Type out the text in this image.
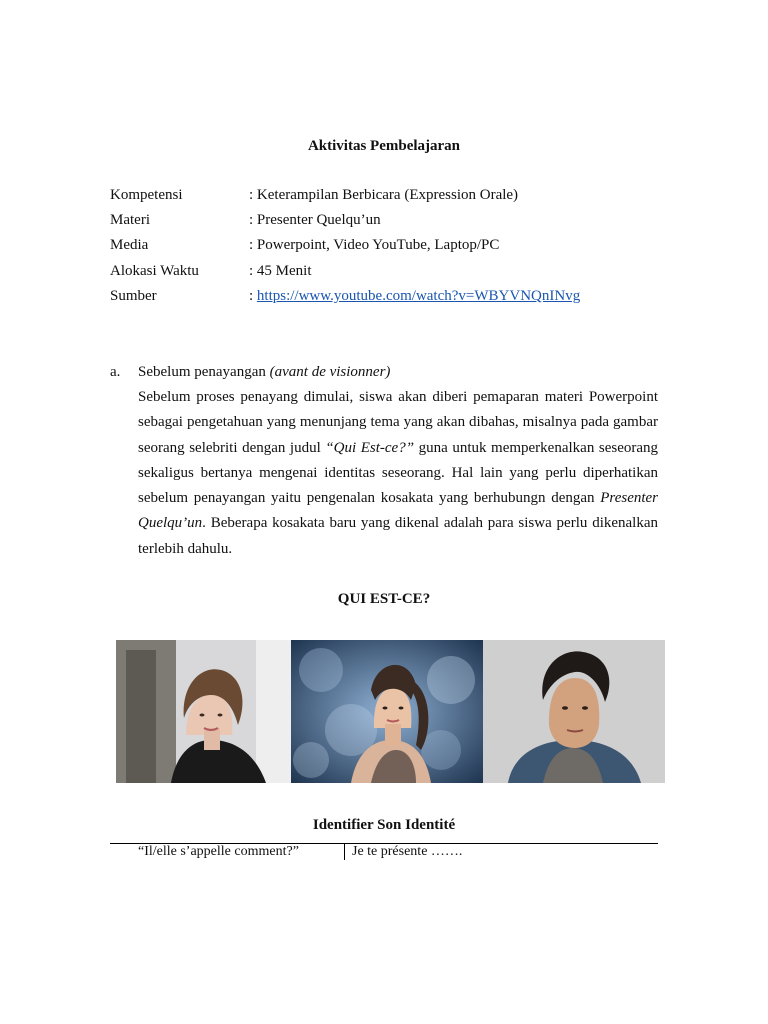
Aktivitas Pembelajaran
Kompetensi	: Keterampilan Berbicara (Expression Orale)
Materi	: Presenter Quelqu’un
Media	: Powerpoint, Video YouTube, Laptop/PC
Alokasi Waktu	: 45 Menit
Sumber	: https://www.youtube.com/watch?v=WBYVNQnINvg
a. Sebelum penayangan (avant de visionner)
Sebelum proses penayang dimulai, siswa akan diberi pemaparan materi Powerpoint sebagai pengetahuan yang menunjang tema yang akan dibahas, misalnya pada gambar seorang selebriti dengan judul “Qui Est-ce?” guna untuk memperkenalkan seseorang sekaligus bertanya mengenai identitas seseorang. Hal lain yang perlu diperhatikan sebelum penayangan yaitu pengenalan kosakata yang berhubungn dengan Presenter Quelqu’un. Beberapa kosakata baru yang dikenal adalah para siswa perlu dikenalkan terlebih dahulu.
QUI EST-CE?
Identifier Son Identité
“Il/elle s’appelle comment?”	Je te présente …….
